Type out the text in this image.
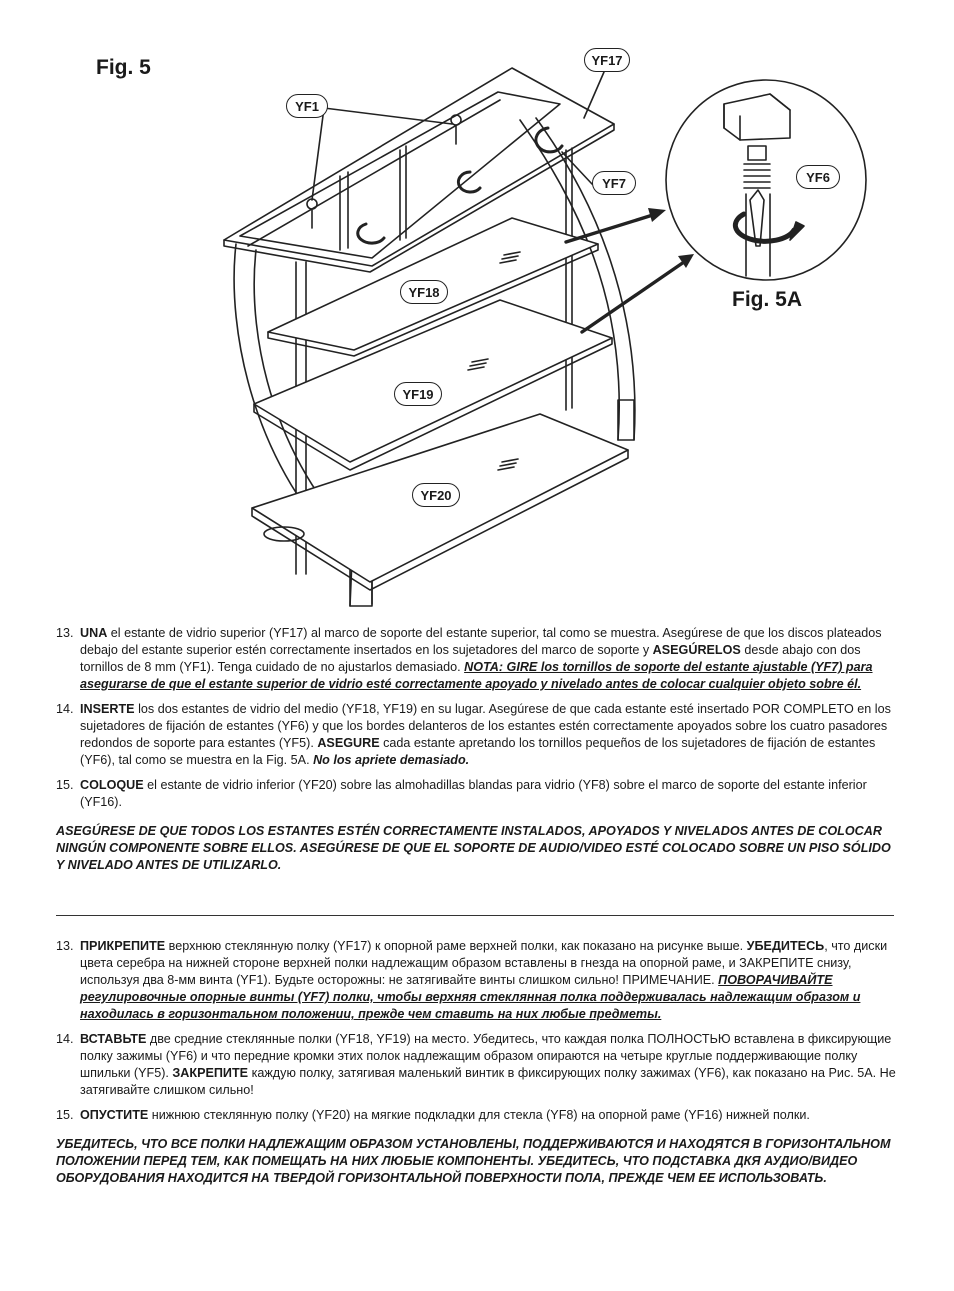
Fig. 5
Fig. 5A
YF17
YF1
YF7	YF6
YF18
YF19
YF20
13. UNA el estante de vidrio superior (YF17) al marco de soporte del estante superior, tal como se muestra. Asegúrese de que los discos plateados debajo del estante superior estén correctamente insertados en los sujetadores del marco de soporte y ASEGÚRELOS desde abajo con dos tornillos de 8 mm (YF1). Tenga cuidado de no ajustarlos demasiado. NOTA: GIRE los tornillos de soporte del estante ajustable (YF7) para asegurarse de que el estante superior de vidrio esté correctamente apoyado y nivelado antes de colocar cualquier objeto sobre él.
14. INSERTE los dos estantes de vidrio del medio (YF18, YF19) en su lugar. Asegúrese de que cada estante esté insertado POR COMPLETO en los sujetadores de fijación de estantes (YF6) y que los bordes delanteros de los estantes estén correctamente apoyados sobre los cuatro pasadores redondos de soporte para estantes (YF5). ASEGURE cada estante apretando los tornillos pequeños de los sujetadores de fijación de estantes (YF6), tal como se muestra en la Fig. 5A. No los apriete demasiado.
15. COLOQUE el estante de vidrio inferior (YF20) sobre las almohadillas blandas para vidrio (YF8) sobre el marco de soporte del estante inferior (YF16).
ASEGÚRESE DE QUE TODOS LOS ESTANTES ESTÉN CORRECTAMENTE INSTALADOS, APOYADOS Y NIVELADOS ANTES DE COLOCAR NINGÚN COMPONENTE SOBRE ELLOS. ASEGÚRESE DE QUE EL SOPORTE DE AUDIO/VIDEO ESTÉ COLOCADO SOBRE UN PISO SÓLIDO Y NIVELADO ANTES DE UTILIZARLO.
13. ПРИКРЕПИТЕ верхнюю стеклянную полку (YF17) к опорной раме верхней полки, как показано на рисунке выше. УБЕДИТЕСЬ, что диски цвета серебра на нижней стороне верхней полки надлежащим образом вставлены в гнезда на опорной раме, и ЗАКРЕПИТЕ снизу, используя два 8-мм винта (YF1). Будьте осторожны: не затягивайте винты слишком сильно! ПРИМЕЧАНИЕ. ПОВОРАЧИВАЙТЕ регулировочные опорные винты (YF7) полки, чтобы верхняя стеклянная полка поддерживалась надлежащим образом и находилась в горизонтальном положении, прежде чем ставить на них любые предметы.
14. ВСТАВЬТЕ две средние стеклянные полки (YF18, YF19) на место. Убедитесь, что каждая полка ПОЛНОСТЬЮ вставлена в фиксирующие полку зажимы (YF6) и что передние кромки этих полок надлежащим образом опираются на четыре круглые поддерживающие полку шпильки (YF5). ЗАКРЕПИТЕ каждую полку, затягивая маленький винтик в фиксирующих полку зажимах (YF6), как показано на Рис. 5А. Не затягивайте слишком сильно!
15. ОПУСТИТЕ нижнюю стеклянную полку (YF20) на мягкие подкладки для стекла (YF8) на опорной раме (YF16) нижней полки.
УБЕДИТЕСЬ, ЧТО ВСЕ ПОЛКИ НАДЛЕЖАЩИМ ОБРАЗОМ УСТАНОВЛЕНЫ, ПОДДЕРЖИВАЮТСЯ И НАХОДЯТСЯ В ГОРИЗОНТАЛЬНОМ ПОЛОЖЕНИИ ПЕРЕД ТЕМ, КАК ПОМЕЩАТЬ НА НИХ ЛЮБЫЕ КОМПОНЕНТЫ. УБЕДИТЕСЬ, ЧТО ПОДСТАВКА ДКЯ АУДИО/ВИДЕО ОБОРУДОВАНИЯ НАХОДИТСЯ НА ТВЕРДОЙ ГОРИЗОНТАЛЬНОЙ ПОВЕРХНОСТИ ПОЛА, ПРЕЖДЕ ЧЕМ ЕЕ ИСПОЛЬЗОВАТЬ.
